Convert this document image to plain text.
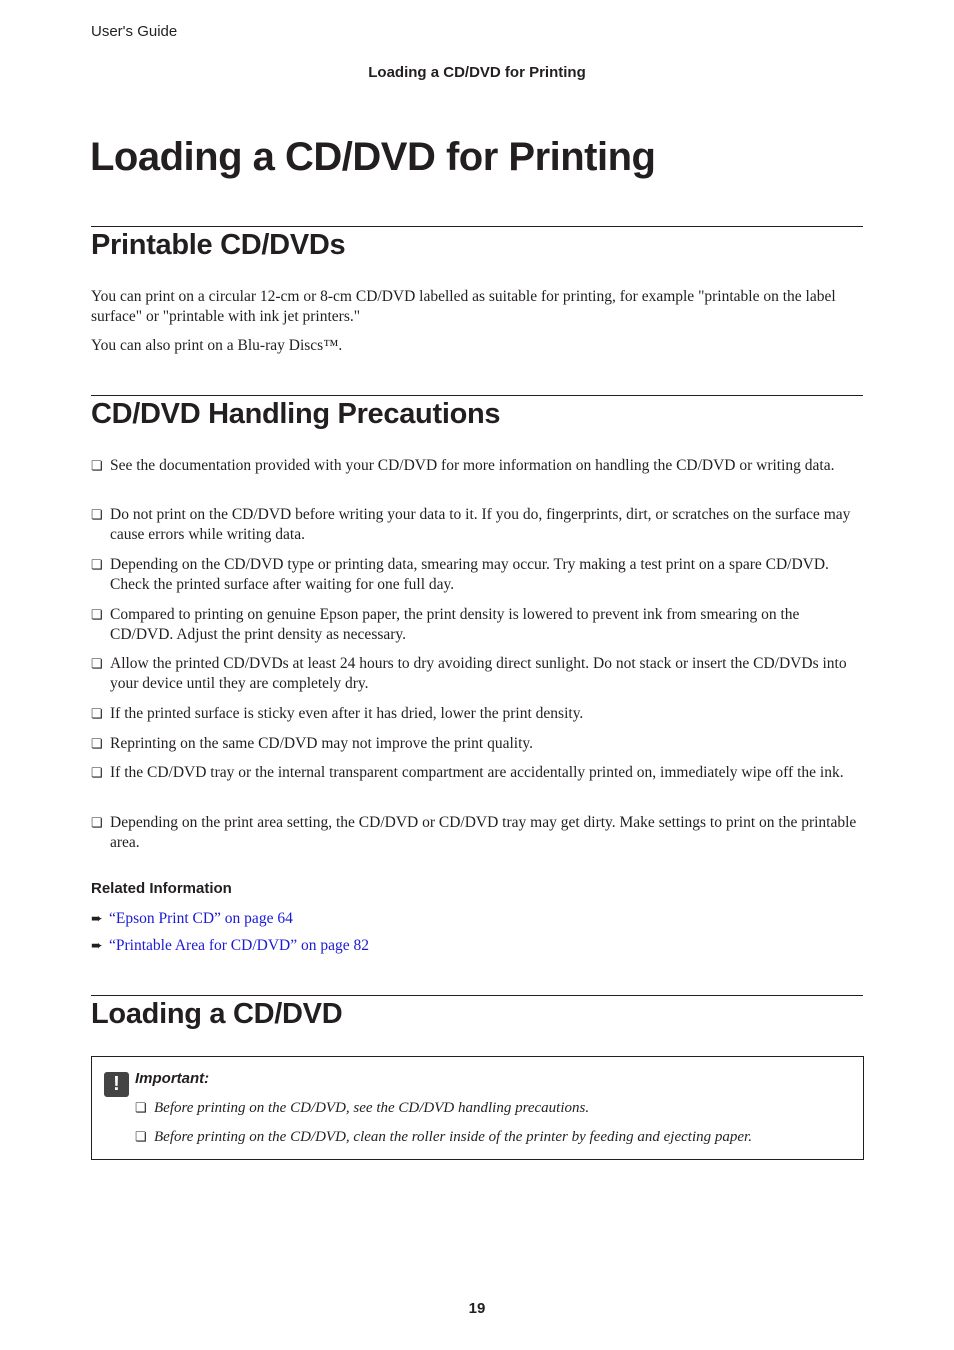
User's Guide
Loading a CD/DVD for Printing
Loading a CD/DVD for Printing
Printable CD/DVDs

You can print on a circular 12-cm or 8-cm CD/DVD labelled as suitable for printing, for example "printable on the label surface" or "printable with ink jet printers."

You can also print on a Blu-ray Discs™.

CD/DVD Handling Precautions
❏ See the documentation provided with your CD/DVD for more information on handling the CD/DVD or writing data.
❏ Do not print on the CD/DVD before writing your data to it. If you do, fingerprints, dirt, or scratches on the surface may cause errors while writing data.
❏ Depending on the CD/DVD type or printing data, smearing may occur. Try making a test print on a spare CD/DVD. Check the printed surface after waiting for one full day.
❏ Compared to printing on genuine Epson paper, the print density is lowered to prevent ink from smearing on the CD/DVD. Adjust the print density as necessary.
❏ Allow the printed CD/DVDs at least 24 hours to dry avoiding direct sunlight. Do not stack or insert the CD/DVDs into your device until they are completely dry.
❏ If the printed surface is sticky even after it has dried, lower the print density.
❏ Reprinting on the same CD/DVD may not improve the print quality.
❏ If the CD/DVD tray or the internal transparent compartment are accidentally printed on, immediately wipe off the ink.
❏ Depending on the print area setting, the CD/DVD or CD/DVD tray may get dirty. Make settings to print on the printable area.
Related Information
➨ “Epson Print CD” on page 64
➨ “Printable Area for CD/DVD” on page 82
Loading a CD/DVD
!	Important:
❏ Before printing on the CD/DVD, see the CD/DVD handling precautions.
❏ Before printing on the CD/DVD, clean the roller inside of the printer by feeding and ejecting paper.
19
